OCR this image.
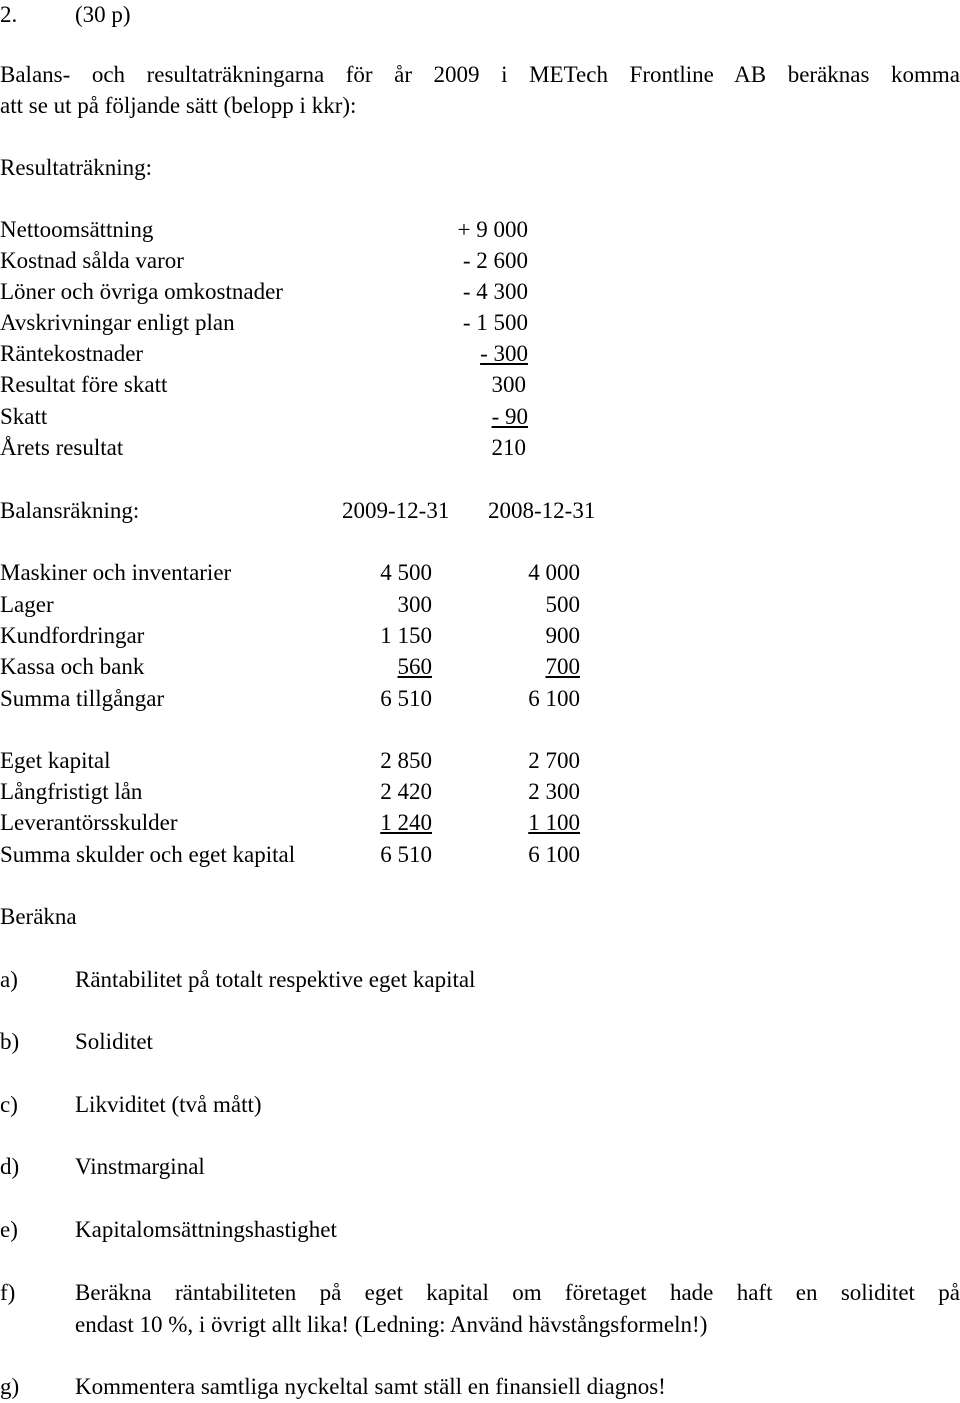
2.	(30 p)
Balans- och resultaträkningarna för år 2009 i METech Frontline AB beräknas komma
att se ut på följande sätt (belopp i kkr):
Resultaträkning:
Nettoomsättning	+ 9 000
Kostnad sålda varor	- 2 600
Löner och övriga omkostnader	- 4 300
Avskrivningar enligt plan	- 1 500
Räntekostnader	- 300
Resultat före skatt	300
Skatt	- 90
Årets resultat	210
Balansräkning:	2009-12-31 2008-12-31
Maskiner och inventarier	4 500	4 000
Lager	300	500
Kundfordringar	1 150	900
Kassa och bank	560	700
Summa tillgångar	6 510	6 100
Eget kapital	2 850	2 700
Långfristigt lån	2 420	2 300
Leverantörsskulder	1 240	1 100
Summa skulder och eget kapital	6 510	6 100
Beräkna
a) Räntabilitet på totalt respektive eget kapital
b) Soliditet
c) Likviditet (två mått)
d) Vinstmarginal
e) Kapitalomsättningshastighet
f)	Beräkna räntabiliteten på eget kapital om företaget hade haft en soliditet på
endast 10 %, i övrigt allt lika! (Ledning: Använd hävstångsformeln!)
g) Kommentera samtliga nyckeltal samt ställ en finansiell diagnos!
